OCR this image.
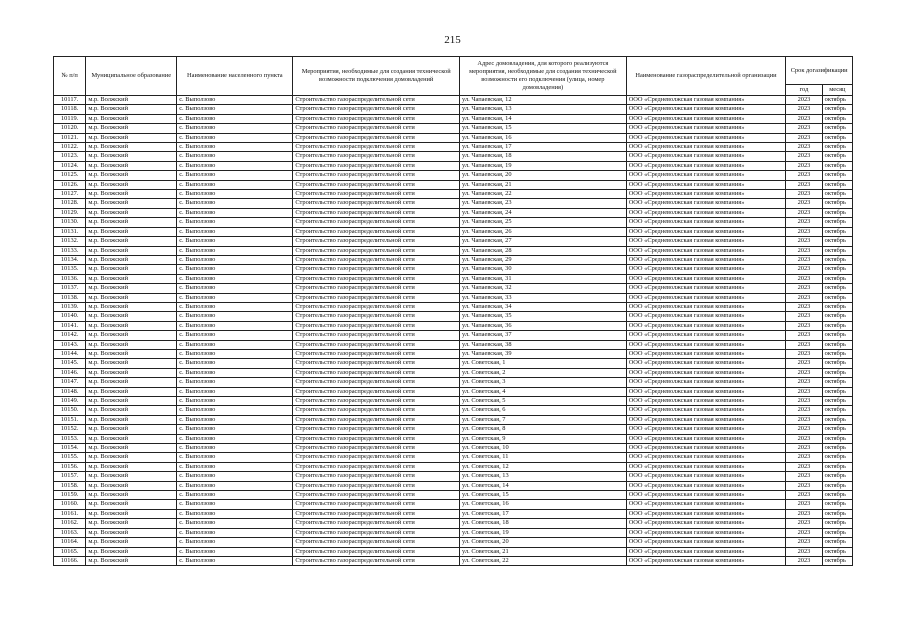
215
№ п/п	Муниципальное образование	Наименование населенного пункта	Мероприятия, необходимые для создания технической возможности подключения домовладений	Адрес домовладения, для которого реализуются мероприятия, необходимые для создания технической возможности его подключения (улица, номер домовладения)	Наименование газораспределительной организации	Срок догазификации	
						год	месяц
10117.	м.р. Волжский	с. Выползово	Строительство газораспределительной сети	ул. Чапаевская, 12	ООО «Средневолжская газовая компания»	2023	октябрь
10118.	м.р. Волжский	с. Выползово	Строительство газораспределительной сети	ул. Чапаевская, 13	ООО «Средневолжская газовая компания»	2023	октябрь
10119.	м.р. Волжский	с. Выползово	Строительство газораспределительной сети	ул. Чапаевская, 14	ООО «Средневолжская газовая компания»	2023	октябрь
10120.	м.р. Волжский	с. Выползово	Строительство газораспределительной сети	ул. Чапаевская, 15	ООО «Средневолжская газовая компания»	2023	октябрь
10121.	м.р. Волжский	с. Выползово	Строительство газораспределительной сети	ул. Чапаевская, 16	ООО «Средневолжская газовая компания»	2023	октябрь
10122.	м.р. Волжский	с. Выползово	Строительство газораспределительной сети	ул. Чапаевская, 17	ООО «Средневолжская газовая компания»	2023	октябрь
10123.	м.р. Волжский	с. Выползово	Строительство газораспределительной сети	ул. Чапаевская, 18	ООО «Средневолжская газовая компания»	2023	октябрь
10124.	м.р. Волжский	с. Выползово	Строительство газораспределительной сети	ул. Чапаевская, 19	ООО «Средневолжская газовая компания»	2023	октябрь
10125.	м.р. Волжский	с. Выползово	Строительство газораспределительной сети	ул. Чапаевская, 20	ООО «Средневолжская газовая компания»	2023	октябрь
10126.	м.р. Волжский	с. Выползово	Строительство газораспределительной сети	ул. Чапаевская, 21	ООО «Средневолжская газовая компания»	2023	октябрь
10127.	м.р. Волжский	с. Выползово	Строительство газораспределительной сети	ул. Чапаевская, 22	ООО «Средневолжская газовая компания»	2023	октябрь
10128.	м.р. Волжский	с. Выползово	Строительство газораспределительной сети	ул. Чапаевская, 23	ООО «Средневолжская газовая компания»	2023	октябрь
10129.	м.р. Волжский	с. Выползово	Строительство газораспределительной сети	ул. Чапаевская, 24	ООО «Средневолжская газовая компания»	2023	октябрь
10130.	м.р. Волжский	с. Выползово	Строительство газораспределительной сети	ул. Чапаевская, 25	ООО «Средневолжская газовая компания»	2023	октябрь
10131.	м.р. Волжский	с. Выползово	Строительство газораспределительной сети	ул. Чапаевская, 26	ООО «Средневолжская газовая компания»	2023	октябрь
10132.	м.р. Волжский	с. Выползово	Строительство газораспределительной сети	ул. Чапаевская, 27	ООО «Средневолжская газовая компания»	2023	октябрь
10133.	м.р. Волжский	с. Выползово	Строительство газораспределительной сети	ул. Чапаевская, 28	ООО «Средневолжская газовая компания»	2023	октябрь
10134.	м.р. Волжский	с. Выползово	Строительство газораспределительной сети	ул. Чапаевская, 29	ООО «Средневолжская газовая компания»	2023	октябрь
10135.	м.р. Волжский	с. Выползово	Строительство газораспределительной сети	ул. Чапаевская, 30	ООО «Средневолжская газовая компания»	2023	октябрь
10136.	м.р. Волжский	с. Выползово	Строительство газораспределительной сети	ул. Чапаевская, 31	ООО «Средневолжская газовая компания»	2023	октябрь
10137.	м.р. Волжский	с. Выползово	Строительство газораспределительной сети	ул. Чапаевская, 32	ООО «Средневолжская газовая компания»	2023	октябрь
10138.	м.р. Волжский	с. Выползово	Строительство газораспределительной сети	ул. Чапаевская, 33	ООО «Средневолжская газовая компания»	2023	октябрь
10139.	м.р. Волжский	с. Выползово	Строительство газораспределительной сети	ул. Чапаевская, 34	ООО «Средневолжская газовая компания»	2023	октябрь
10140.	м.р. Волжский	с. Выползово	Строительство газораспределительной сети	ул. Чапаевская, 35	ООО «Средневолжская газовая компания»	2023	октябрь
10141.	м.р. Волжский	с. Выползово	Строительство газораспределительной сети	ул. Чапаевская, 36	ООО «Средневолжская газовая компания»	2023	октябрь
10142.	м.р. Волжский	с. Выползово	Строительство газораспределительной сети	ул. Чапаевская, 37	ООО «Средневолжская газовая компания»	2023	октябрь
10143.	м.р. Волжский	с. Выползово	Строительство газораспределительной сети	ул. Чапаевская, 38	ООО «Средневолжская газовая компания»	2023	октябрь
10144.	м.р. Волжский	с. Выползово	Строительство газораспределительной сети	ул. Чапаевская, 39	ООО «Средневолжская газовая компания»	2023	октябрь
10145.	м.р. Волжский	с. Выползово	Строительство газораспределительной сети	ул. Советская, 1	ООО «Средневолжская газовая компания»	2023	октябрь
10146.	м.р. Волжский	с. Выползово	Строительство газораспределительной сети	ул. Советская, 2	ООО «Средневолжская газовая компания»	2023	октябрь
10147.	м.р. Волжский	с. Выползово	Строительство газораспределительной сети	ул. Советская, 3	ООО «Средневолжская газовая компания»	2023	октябрь
10148.	м.р. Волжский	с. Выползово	Строительство газораспределительной сети	ул. Советская, 4	ООО «Средневолжская газовая компания»	2023	октябрь
10149.	м.р. Волжский	с. Выползово	Строительство газораспределительной сети	ул. Советская, 5	ООО «Средневолжская газовая компания»	2023	октябрь
10150.	м.р. Волжский	с. Выползово	Строительство газораспределительной сети	ул. Советская, 6	ООО «Средневолжская газовая компания»	2023	октябрь
10151.	м.р. Волжский	с. Выползово	Строительство газораспределительной сети	ул. Советская, 7	ООО «Средневолжская газовая компания»	2023	октябрь
10152.	м.р. Волжский	с. Выползово	Строительство газораспределительной сети	ул. Советская, 8	ООО «Средневолжская газовая компания»	2023	октябрь
10153.	м.р. Волжский	с. Выползово	Строительство газораспределительной сети	ул. Советская, 9	ООО «Средневолжская газовая компания»	2023	октябрь
10154.	м.р. Волжский	с. Выползово	Строительство газораспределительной сети	ул. Советская, 10	ООО «Средневолжская газовая компания»	2023	октябрь
10155.	м.р. Волжский	с. Выползово	Строительство газораспределительной сети	ул. Советская, 11	ООО «Средневолжская газовая компания»	2023	октябрь
10156.	м.р. Волжский	с. Выползово	Строительство газораспределительной сети	ул. Советская, 12	ООО «Средневолжская газовая компания»	2023	октябрь
10157.	м.р. Волжский	с. Выползово	Строительство газораспределительной сети	ул. Советская, 13	ООО «Средневолжская газовая компания»	2023	октябрь
10158.	м.р. Волжский	с. Выползово	Строительство газораспределительной сети	ул. Советская, 14	ООО «Средневолжская газовая компания»	2023	октябрь
10159.	м.р. Волжский	с. Выползово	Строительство газораспределительной сети	ул. Советская, 15	ООО «Средневолжская газовая компания»	2023	октябрь
10160.	м.р. Волжский	с. Выползово	Строительство газораспределительной сети	ул. Советская, 16	ООО «Средневолжская газовая компания»	2023	октябрь
10161.	м.р. Волжский	с. Выползово	Строительство газораспределительной сети	ул. Советская, 17	ООО «Средневолжская газовая компания»	2023	октябрь
10162.	м.р. Волжский	с. Выползово	Строительство газораспределительной сети	ул. Советская, 18	ООО «Средневолжская газовая компания»	2023	октябрь
10163.	м.р. Волжский	с. Выползово	Строительство газораспределительной сети	ул. Советская, 19	ООО «Средневолжская газовая компания»	2023	октябрь
10164.	м.р. Волжский	с. Выползово	Строительство газораспределительной сети	ул. Советская, 20	ООО «Средневолжская газовая компания»	2023	октябрь
10165.	м.р. Волжский	с. Выползово	Строительство газораспределительной сети	ул. Советская, 21	ООО «Средневолжская газовая компания»	2023	октябрь
10166.	м.р. Волжский	с. Выползово	Строительство газораспределительной сети	ул. Советская, 22	ООО «Средневолжская газовая компания»	2023	октябрь
